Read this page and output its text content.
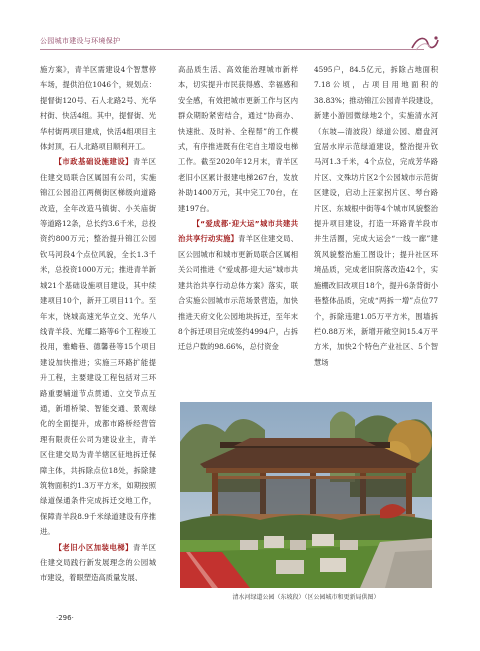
公园城市建设与环境保护

施方案》，青羊区需建设4个智慧停车场，提供泊位1046个，规划点：提督街120号、石人北路2号、光华村街、快活4组。其中，提督街、光华村街两项目建成，快活4组项目主体封顶，石人北路项目顺利开工。

【市政基础设施建设】青羊区住建交局联合区属国有公司，实施锦江公园沿江两侧街区梯级向道路改造，全年改造马镇街、小关庙街等道路12条，总长约3.6千米，总投资约800万元；整治提升锦江公园钦马河段4个点位风貌，全长1.3千米，总投资1000万元；推进青羊新城21个基础设施项目建设，其中续建项目10个，新开工项目11个。至年末，饶城高速光华立交、光华八线青羊段、光耀二路等6个工程竣工投用，雅蟾巷、德馨巷等15个项目建设加快推进；实施三环路扩能提升工程，主要建设工程包括对三环路重要辅道节点贯通、立交节点互通，新增桥梁、智能交通、景观绿化的全面提升，成都市路桥经营管理有限责任公司为建设业主，青羊区住建交局为青羊辖区征地拆迁保障主体，共拆除点位18处，拆除建筑物面积约1.3万平方米，如期按照绿道保通条件完成拆迁交地工作，保障青羊段8.9千米绿道建设有序推进。

【老旧小区加装电梯】青羊区住建交局践行新发展理念的公园城市建设，着眼塑造高质量发展、

高品质生活、高效能治理城市新样本，切实提升市民获得感、幸福感和安全感，有效把城市更新工作与区内群众期盼紧密结合，通过“协商办、快速批、及时补、全程帮”的工作模式，有序推进既有住宅自主增设电梯工作。截至2020年12月末，青羊区老旧小区累计报建电梯267台，发放补助1400万元，其中完工70台，在建197台。

【“爱成都·迎大运”城市共建共治共享行动实施】青羊区住建交局、区公园城市和城市更新局联合区属相关公司推进《“爱成都·迎大运”城市共建共治共享行动总体方案》落实，联合实施公园城市示范场景营造，加快推进天府文化公园地块拆迁，至年末8个拆迁项目完成签约4994户，占拆迁总户数的98.66%，总付资金

4595户，84.5亿元，拆除占地面积7.18公顷，占项目用地面积的38.83%；推动锦江公园青羊段建设，新建小游园微绿地2个，实施清水河（东坡—清波段）绿道公园、磨盘河宜居水岸示范绿道建设，整治提升钦马河1.3千米，4个点位，完成芳华路片区、文殊坊片区2个公园城市示范街区建设，启动上汪家拐片区、琴台路片区、东城根中街等4个城市风貌整治提升项目建设，打造一环路青羊段市井生活圈，完成大运会“一线一廊”建筑风貌整治施工图设计；提升社区环境品质，完成老旧院落改造42个，实施棚改旧改项目18个，提升6条背街小巷整体品质，完成“两拆一增”点位77个，拆除违建1.05万平方米，围墙拆栏0.88万米，新增开敞空间15.4万平方米，加快2个特色产业社区、5个智慧场

清水河绿道公园（东坡段）（区公园城市和更新局供图）
·296·
